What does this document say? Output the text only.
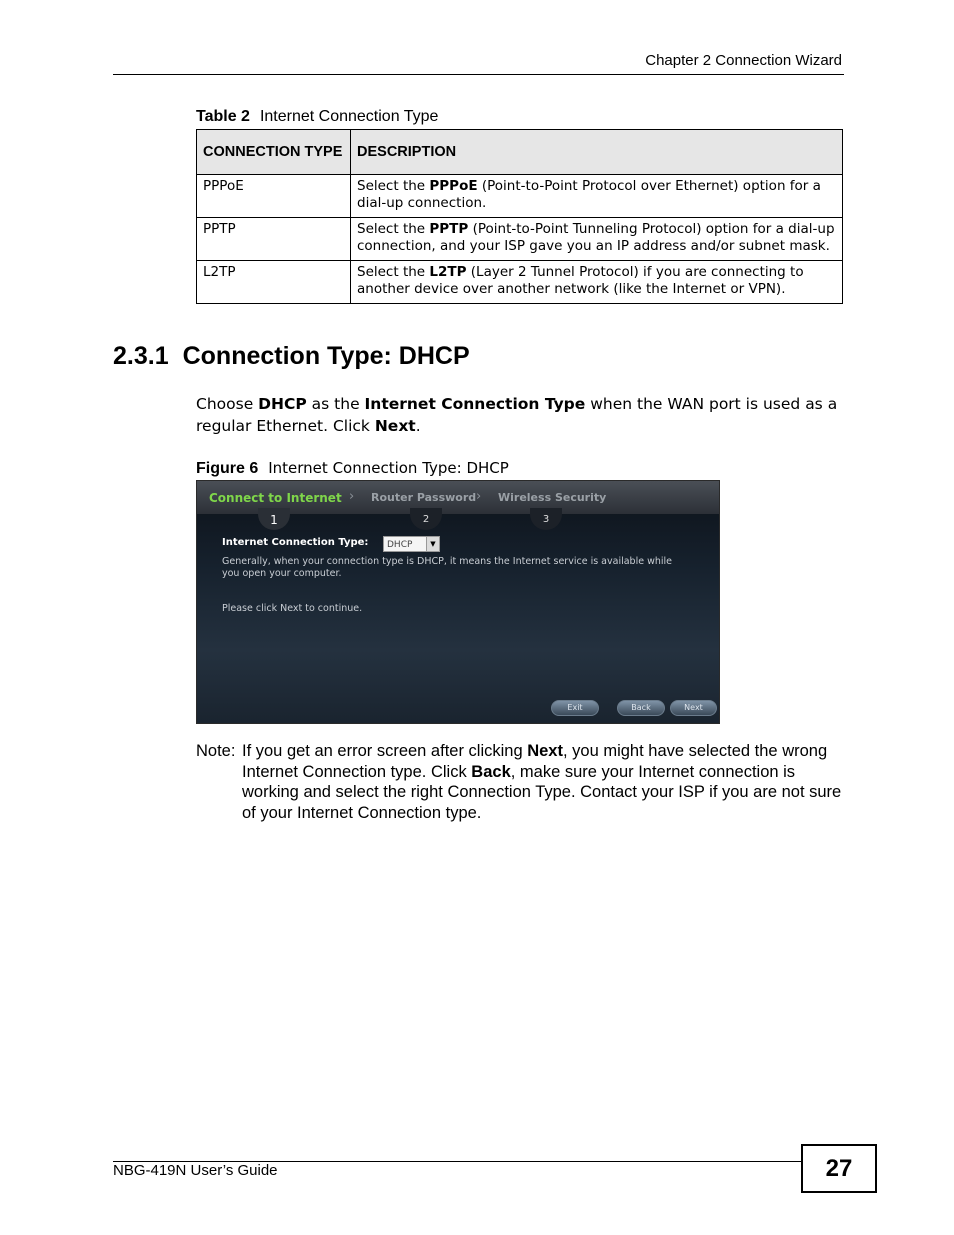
Chapter 2 Connection Wizard
Table 2 Internet Connection Type
CONNECTION TYPE	DESCRIPTION
PPPoE	Select the PPPoE (Point-to-Point Protocol over Ethernet) option for a dial-up connection.
PPTP	Select the PPTP (Point-to-Point Tunneling Protocol) option for a dial-up connection, and your ISP gave you an IP address and/or subnet mask.
L2TP	Select the L2TP (Layer 2 Tunnel Protocol) if you are connecting to another device over another network (like the Internet or VPN).
2.3.1 Connection Type: DHCP
Choose DHCP as the Internet Connection Type when the WAN port is used as a regular Ethernet. Click Next.
Figure 6 Internet Connection Type: DHCP
Connect to Internet › Router Password › Wireless Security
1	2	3
Internet Connection Type:	DHCP	▼
Generally, when your connection type is DHCP, it means the Internet service is available while you open your computer.
Please click Next to continue.
Exit	Back	Next
Note: If you get an error screen after clicking Next, you might have selected the wrong Internet Connection type. Click Back, make sure your Internet connection is working and select the right Connection Type. Contact your ISP if you are not sure of your Internet Connection type.
NBG-419N User’s Guide	27
